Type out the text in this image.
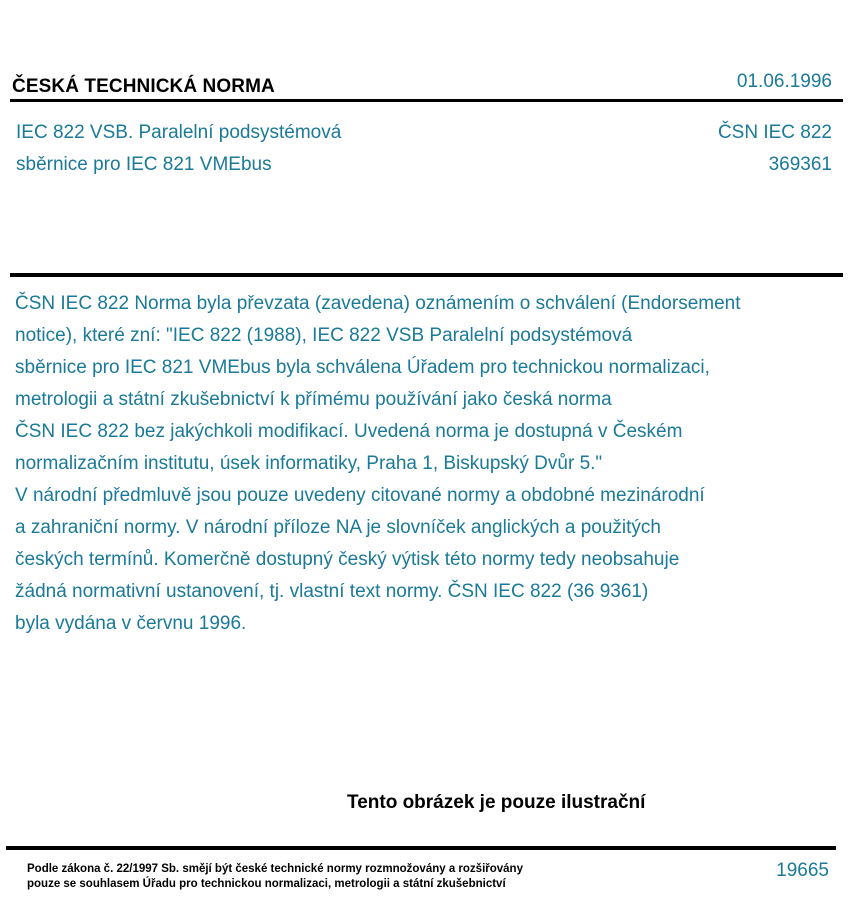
ČESKÁ TECHNICKÁ NORMA	01.06.1996
IEC 822 VSB. Paralelní podsystémová
sběrnice pro IEC 821 VMEbus
ČSN IEC 822
369361
ČSN IEC 822 Norma byla převzata (zavedena) oznámením o schválení (Endorsement
notice), které zní: "IEC 822 (1988), IEC 822 VSB Paralelní podsystémová
sběrnice pro IEC 821 VMEbus byla schválena Úřadem pro technickou normalizaci,
metrologii a státní zkušebnictví k přímému používání jako česká norma
ČSN IEC 822 bez jakýchkoli modifikací. Uvedená norma je dostupná v Českém
normalizačním institutu, úsek informatiky, Praha 1, Biskupský Dvůr 5."
V národní předmluvě jsou pouze uvedeny citované normy a obdobné mezinárodní
a zahraniční normy. V národní příloze NA je slovníček anglických a použitých
českých termínů. Komerčně dostupný český výtisk této normy tedy neobsahuje
žádná normativní ustanovení, tj. vlastní text normy. ČSN IEC 822 (36 9361)
byla vydána v červnu 1996.
Tento obrázek je pouze ilustrační
Podle zákona č. 22/1997 Sb. smějí být české technické normy rozmnožovány a rozšiřovány
pouze se souhlasem Úřadu pro technickou normalizaci, metrologii a státní zkušebnictví
19665
